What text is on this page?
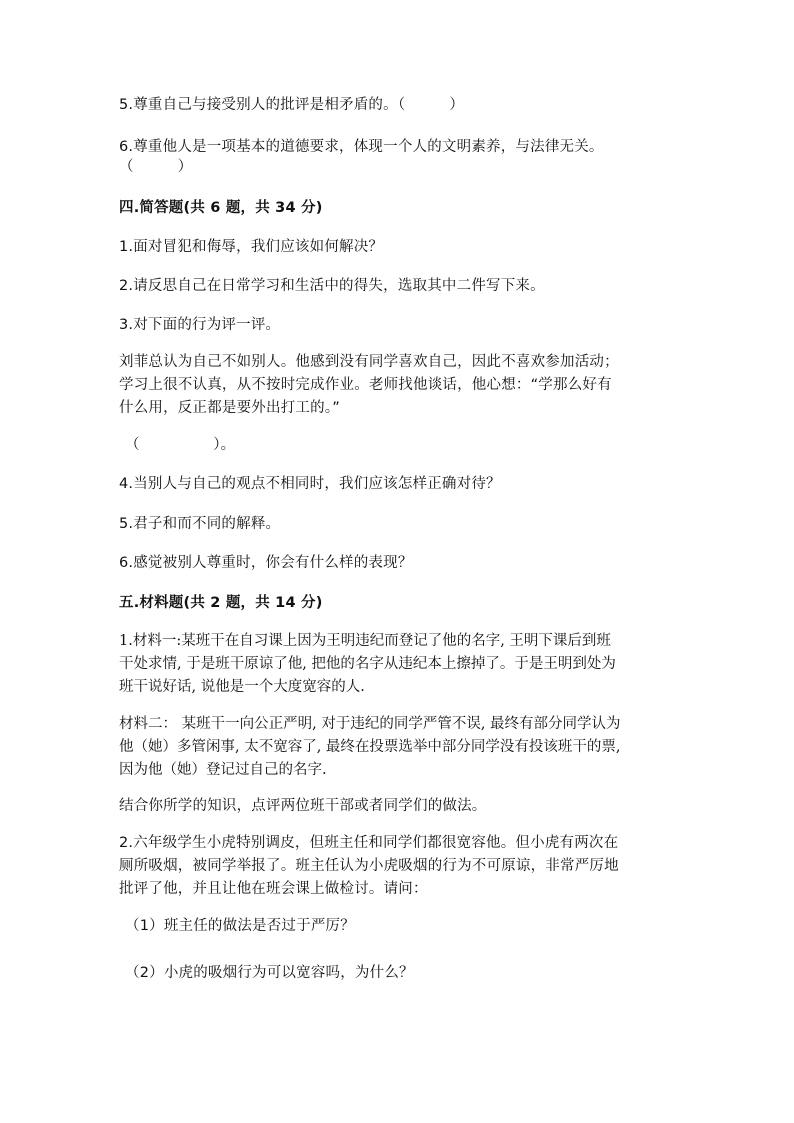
5.尊重自己与接受别人的批评是相矛盾的。（　　　）
6.尊重他人是一项基本的道德要求，体现一个人的文明素养，与法律无关。
（　　　）
四.简答题(共 6 题，共 34 分)
1.面对冒犯和侮辱，我们应该如何解决？
2.请反思自己在日常学习和生活中的得失，选取其中二件写下来。
3.对下面的行为评一评。
刘菲总认为自己不如别人。他感到没有同学喜欢自己，因此不喜欢参加活动；
学习上很不认真，从不按时完成作业。老师找他谈话，他心想：“学那么好有
什么用，反正都是要外出打工的。”
（　　　　　）。
4.当别人与自己的观点不相同时，我们应该怎样正确对待？
5.君子和而不同的解释。
6.感觉被别人尊重时，你会有什么样的表现？
五.材料题(共 2 题，共 14 分)
1.材料一:某班干在自习课上因为王明违纪而登记了他的名字, 王明下课后到班
干处求情, 于是班干原谅了他, 把他的名字从违纪本上擦掉了。于是王明到处为
班干说好话, 说他是一个大度宽容的人.
材料二： 某班干一向公正严明, 对于违纪的同学严管不误, 最终有部分同学认为
他（她）多管闲事, 太不宽容了, 最终在投票选举中部分同学没有投该班干的票,
因为他（她）登记过自己的名字.
结合你所学的知识，点评两位班干部或者同学们的做法。
2.六年级学生小虎特别调皮，但班主任和同学们都很宽容他。但小虎有两次在
厕所吸烟，被同学举报了。班主任认为小虎吸烟的行为不可原谅，非常严厉地
批评了他，并且让他在班会课上做检讨。请问：
（1）班主任的做法是否过于严厉？
（2）小虎的吸烟行为可以宽容吗，为什么？
